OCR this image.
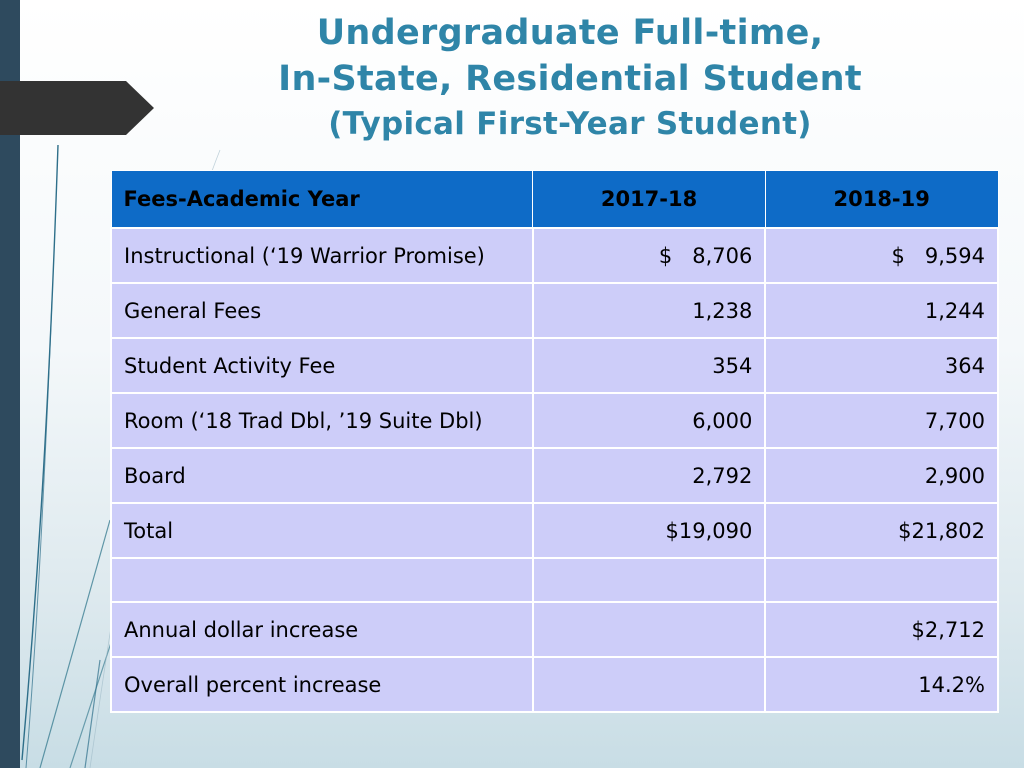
Undergraduate Full-time,
In-State, Residential Student
(Typical First-Year Student)
Fees-Academic Year	2017-18	2018-19
Instructional (‘19 Warrior Promise)	$   8,706	$   9,594
General Fees	1,238	1,244
Student Activity Fee	354	364
Room (‘18 Trad Dbl, ’19 Suite Dbl)	6,000	7,700
Board	2,792	2,900
Total	$19,090	$21,802

Annual dollar increase		$2,712
Overall percent increase		14.2%
